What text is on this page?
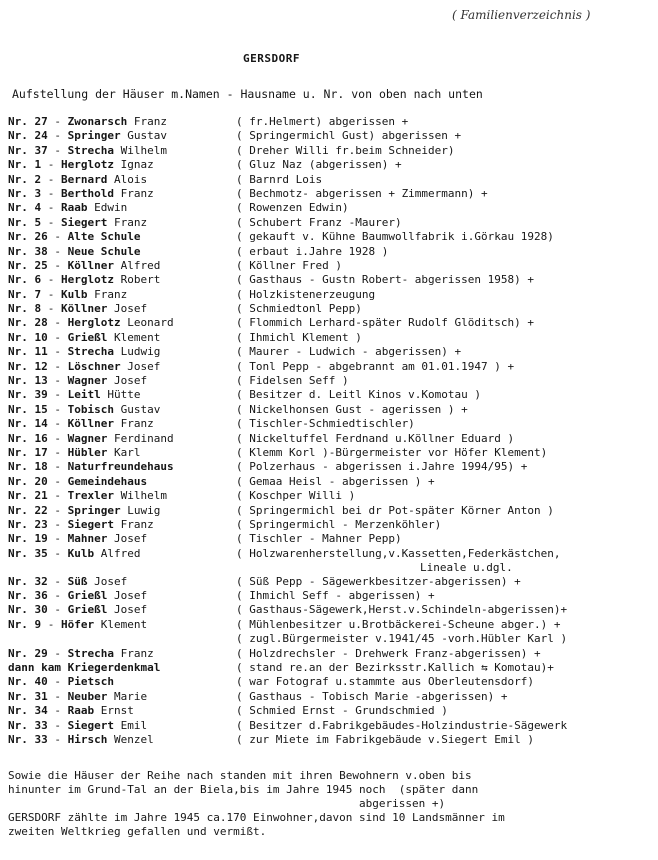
( Familienverzeichnis )
GERSDORF
Aufstellung der Häuser m.Namen - Hausname u. Nr. von oben nach unten
Nr. 27 - Zwonarsch Franz	( fr.Helmert) abgerissen +
Nr. 24 - Springer Gustav	( Springermichl Gust) abgerissen +
Nr. 37 - Strecha Wilhelm	( Dreher Willi fr.beim Schneider)
Nr. 1 - Herglotz Ignaz	( Gluz Naz (abgerissen) +
Nr. 2 - Bernard Alois	( Barnrd Lois
Nr. 3 - Berthold Franz	( Bechmotz- abgerissen + Zimmermann) +
Nr. 4 - Raab Edwin	( Rowenzen Edwin)
Nr. 5 - Siegert Franz	( Schubert Franz -Maurer)
Nr. 26 - Alte Schule	( gekauft v. Kühne Baumwollfabrik i.Görkau 1928)
Nr. 38 - Neue Schule	( erbaut i.Jahre 1928 )
Nr. 25 - Köllner Alfred	( Köllner Fred )
Nr. 6 - Herglotz Robert	( Gasthaus - Gustn Robert- abgerissen 1958) +
Nr. 7 - Kulb Franz	( Holzkistenerzeugung
Nr. 8 - Köllner Josef	( Schmiedtonl Pepp)
Nr. 28 - Herglotz Leonard	( Flommich Lerhard-später Rudolf Glöditsch) +
Nr. 10 - Grießl Klement	( Ihmichl Klement )
Nr. 11 - Strecha Ludwig	( Maurer - Ludwich - abgerissen) +
Nr. 12 - Löschner Josef	( Tonl Pepp - abgebrannt am 01.01.1947 ) +
Nr. 13 - Wagner Josef	( Fidelsen Seff )
Nr. 39 - Leitl Hütte	( Besitzer d. Leitl Kinos v.Komotau )
Nr. 15 - Tobisch Gustav	( Nickelhonsen Gust - agerissen ) +
Nr. 14 - Köllner Franz	( Tischler-Schmiedtischler)
Nr. 16 - Wagner Ferdinand	( Nickeltuffel Ferdnand u.Köllner Eduard )
Nr. 17 - Hübler Karl	( Klemm Korl )-Bürgermeister vor Höfer Klement)
Nr. 18 - Naturfreundehaus	( Polzerhaus - abgerissen i.Jahre 1994/95) +
Nr. 20 - Gemeindehaus	( Gemaa Heisl - abgerissen ) +
Nr. 21 - Trexler Wilhelm	( Koschper Willi )
Nr. 22 - Springer Luwig	( Springermichl bei dr Pot-später Körner Anton )
Nr. 23 - Siegert Franz	( Springermichl - Merzenköhler)
Nr. 19 - Mahner Josef	( Tischler - Mahner Pepp)
Nr. 35 - Kulb Alfred	( Holzwarenherstellung,v.Kassetten,Federkästchen,
Lineale u.dgl.
Nr. 32 - Süß Josef	( Süß Pepp - Sägewerkbesitzer-abgerissen) +
Nr. 36 - Grießl Josef	( Ihmichl Seff - abgerissen) +
Nr. 30 - Grießl Josef	( Gasthaus-Sägewerk,Herst.v.Schindeln-abgerissen)+
Nr. 9 - Höfer Klement	( Mühlenbesitzer u.Brotbäckerei-Scheune abger.) +
( zugl.Bürgermeister v.1941/45 -vorh.Hübler Karl )
Nr. 29 - Strecha Franz	( Holzdrechsler - Drehwerk Franz-abgerissen) +
dann kam Kriegerdenkmal	( stand re.an der Bezirksstr.Kallich ⇆ Komotau)+
Nr. 40 - Pietsch	( war Fotograf u.stammte aus Oberleutensdorf)
Nr. 31 - Neuber Marie	( Gasthaus - Tobisch Marie -abgerissen) +
Nr. 34 - Raab Ernst	( Schmied Ernst - Grundschmied )
Nr. 33 - Siegert Emil	( Besitzer d.Fabrikgebäudes-Holzindustrie-Sägewerk
Nr. 33 - Hirsch Wenzel	( zur Miete im Fabrikgebäude v.Siegert Emil )
Sowie die Häuser der Reihe nach standen mit ihren Bewohnern v.oben bis
hinunter im Grund-Tal an der Biela,bis im Jahre 1945 noch  (später dann
abgerissen +)
GERSDORF zählte im Jahre 1945 ca.170 Einwohner,davon sind 10 Landsmänner im
zweiten Weltkrieg gefallen und vermißt.
